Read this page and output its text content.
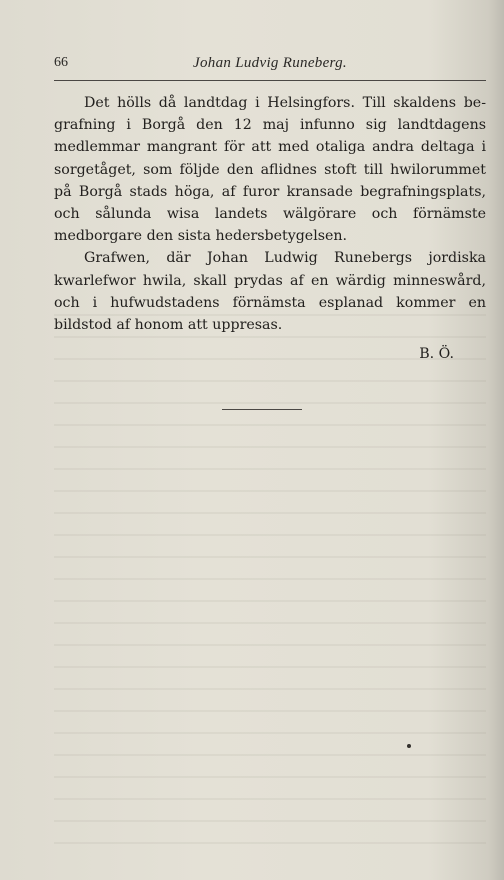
66	Johan Ludvig Runeberg.

Det hölls då landtdag i Helsingfors. Till skaldens begrafning i Borgå den 12 maj infunno sig landtdagens medlemmar mangrant för att med otaliga andra deltaga i sorgetåget, som följde den aflidnes stoft till hwilorummet på Borgå stads höga, af furor kransade begrafningsplats, och sålunda wisa landets wälgörare och förnämste medborgare den sista hedersbetygelsen.

Grafwen, där Johan Ludwig Runebergs jordiska kwarlefwor hwila, skall prydas af en wärdig minneswård, och i hufwudstadens förnämsta esplanad kommer en bildstod af honom att uppresas.

B. Ö.
